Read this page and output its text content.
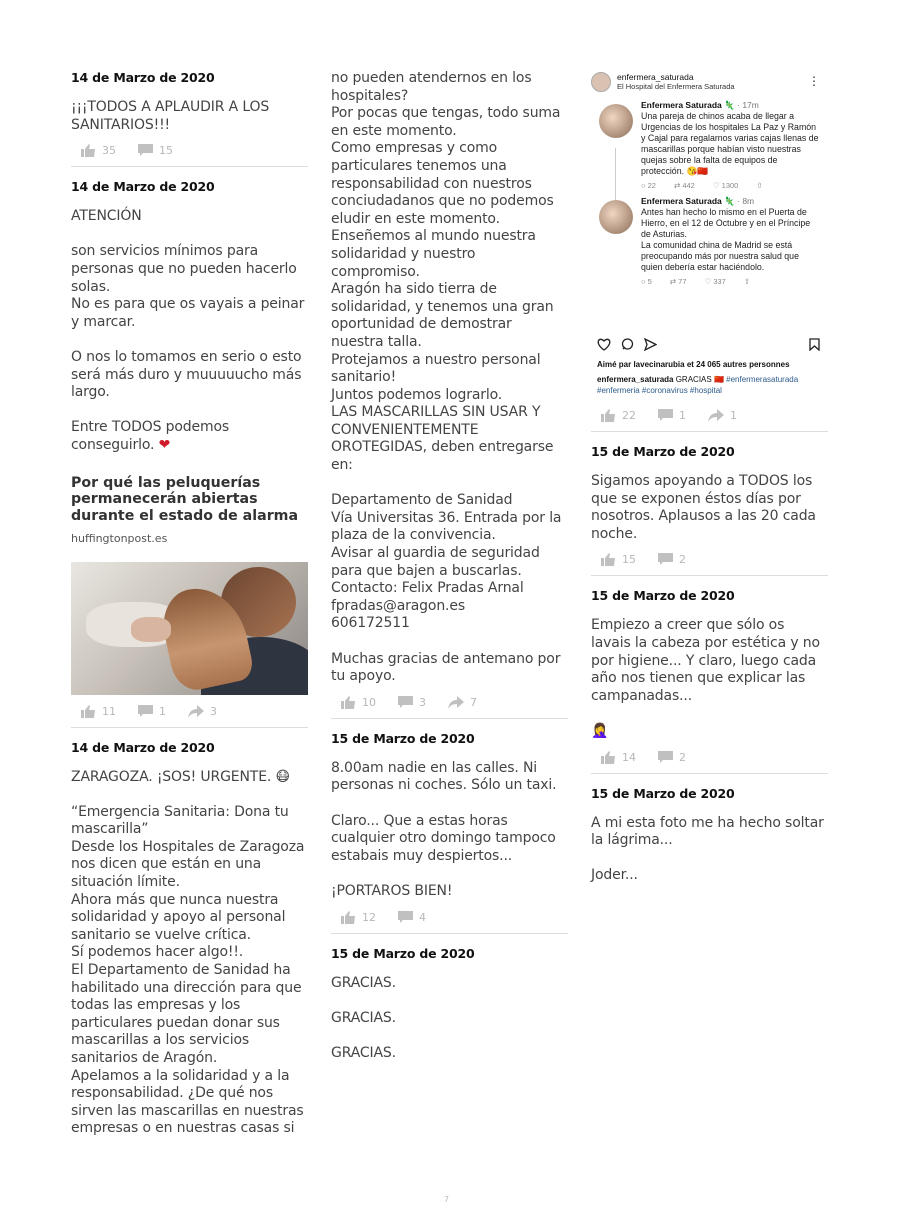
14 de Marzo de 2020
¡¡¡TODOS A APLAUDIR A LOS SANITARIOS!!!
35	15
14 de Marzo de 2020
ATENCIÓN

son servicios mínimos para personas que no pueden hacerlo solas.
No es para que os vayais a peinar y marcar.

O nos lo tomamos en serio o esto será más duro y muuuuucho más largo.

Entre TODOS podemos conseguirlo. ❤
Por qué las peluquerías permanecerán abiertas durante el estado de alarma
huffingtonpost.es
11	1	3
14 de Marzo de 2020
ZARAGOZA. ¡SOS! URGENTE. 😷
“Emergencia Sanitaria: Dona tu mascarilla”
Desde los Hospitales de Zaragoza nos dicen que están en una situación límite.
Ahora más que nunca nuestra solidaridad y apoyo al personal sanitario se vuelve crítica.
Sí podemos hacer algo!!.
El Departamento de Sanidad ha habilitado una dirección para que todas las empresas y los particulares puedan donar sus mascarillas a los servicios sanitarios de Aragón.
Apelamos a la solidaridad y a la responsabilidad. ¿De qué nos sirven las mascarillas en nuestras empresas o en nuestras casas si
no pueden atendernos en los hospitales?
Por pocas que tengas, todo suma en este momento.
Como empresas y como particulares tenemos una responsabilidad con nuestros conciudadanos que no podemos eludir en este momento.
Enseñemos al mundo nuestra solidaridad y nuestro compromiso.
Aragón ha sido tierra de solidaridad, y tenemos una gran oportunidad de demostrar nuestra talla.
Protejamos a nuestro personal sanitario!
Juntos podemos lograrlo.
LAS MASCARILLAS SIN USAR Y CONVENIENTEMENTE OROTEGIDAS, deben entregarse en:

Departamento de Sanidad
Vía Universitas 36. Entrada por la plaza de la convivencia.
Avisar al guardia de seguridad para que bajen a buscarlas.
Contacto: Felix Pradas Arnal
fpradas@aragon.es
606172511

Muchas gracias de antemano por tu apoyo.
10	3	7
15 de Marzo de 2020
8.00am nadie en las calles. Ni personas ni coches. Sólo un taxi.

Claro... Que a estas horas cualquier otro domingo tampoco estabais muy despiertos...

¡PORTAROS BIEN!
12	4
15 de Marzo de 2020
GRACIAS.

GRACIAS.

GRACIAS.
enfermera_saturada
El Hospital del Enfermera Saturada	⋮
Enfermera Saturada 🦎 · 17m
Una pareja de chinos acaba de llegar a Urgencias de los hospitales La Paz y Ramón y Cajal para regalarnos varias cajas llenas de mascarillas porque habían visto nuestras quejas sobre la falta de equipos de protección. 😘🇨🇳
○ 22 ⇄ 442 ♡ 1300 ⇧
Enfermera Saturada 🦎 · 8m
Antes han hecho lo mismo en el Puerta de Hierro, en el 12 de Octubre y en el Príncipe de Asturias.
La comunidad china de Madrid se está preocupando más por nuestra salud que quien debería estar haciéndolo.
○ 5 ⇄ 77 ♡ 337 ⇧
Aimé par lavecinarubia et 24 065 autres personnes
enfermera_saturada GRACIAS 🇨🇳 #enfermerasaturada #enfermeria #coronavirus #hospital
22	1	1
15 de Marzo de 2020
Sigamos apoyando a TODOS los que se exponen éstos días por nosotros. Aplausos a las 20 cada noche.
15	2
15 de Marzo de 2020
Empiezo a creer que sólo os lavais la cabeza por estética y no por higiene... Y claro, luego cada año nos tienen que explicar las campanadas...

🤦‍♀️
14	2
15 de Marzo de 2020
A mi esta foto me ha hecho soltar la lágrima...

Joder...
7
